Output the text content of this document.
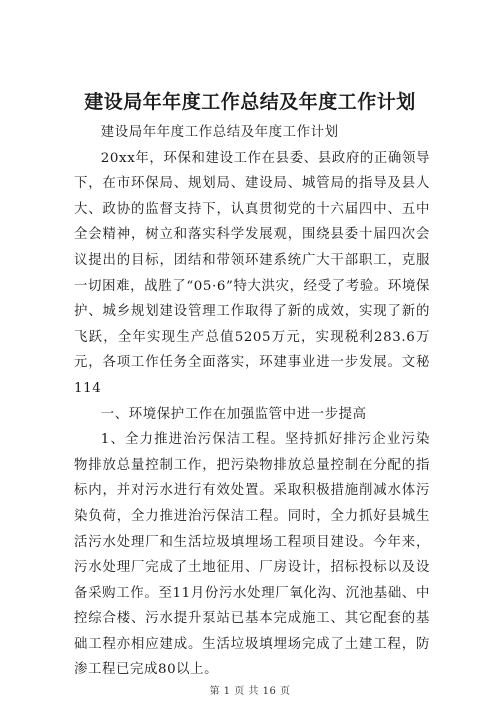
建设局年年度工作总结及年度工作计划

建设局年年度工作总结及年度工作计划

20xx年，环保和建设工作在县委、县政府的正确领导下，在市环保局、规划局、建设局、城管局的指导及县人大、政协的监督支持下，认真贯彻党的十六届四中、五中全会精神，树立和落实科学发展观，围绕县委十届四次会议提出的目标，团结和带领环建系统广大干部职工，克服一切困难，战胜了“05·6”特大洪灾，经受了考验。环境保护、城乡规划建设管理工作取得了新的成效，实现了新的飞跃，全年实现生产总值5205万元，实现税利283.6万元，各项工作任务全面落实，环建事业进一步发展。文秘114

一、环境保护工作在加强监管中进一步提高

1、全力推进治污保洁工程。坚持抓好排污企业污染物排放总量控制工作，把污染物排放总量控制在分配的指标内，并对污水进行有效处置。采取积极措施削减水体污染负荷，全力推进治污保洁工程。同时，全力抓好县城生活污水处理厂和生活垃圾填埋场工程项目建设。今年来，污水处理厂完成了土地征用、厂房设计，招标投标以及设备采购工作。至11月份污水处理厂氧化沟、沉池基础、中控综合楼、污水提升泵站已基本完成施工、其它配套的基础工程亦相应建成。生活垃圾填埋场完成了土建工程，防渗工程已完成80以上。

第 1 页 共 16 页
